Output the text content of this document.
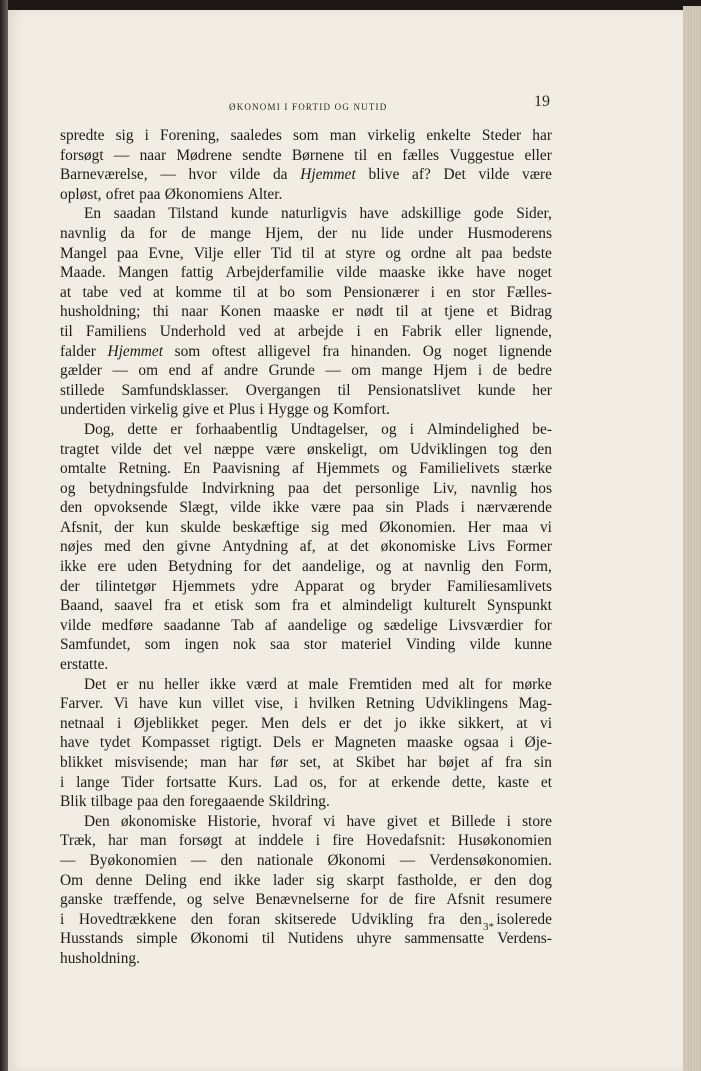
ØKONOMI I FORTID OG NUTID	19
spredte sig i Forening, saaledes som man virkelig enkelte Steder har
forsøgt — naar Mødrene sendte Børnene til en fælles Vuggestue eller
Barneværelse, — hvor vilde da Hjemmet blive af? Det vilde være
opløst, ofret paa Økonomiens Alter.
En saadan Tilstand kunde naturligvis have adskillige gode Sider,
navnlig da for de mange Hjem, der nu lide under Husmoderens
Mangel paa Evne, Vilje eller Tid til at styre og ordne alt paa bedste
Maade. Mangen fattig Arbejderfamilie vilde maaske ikke have noget
at tabe ved at komme til at bo som Pensionærer i en stor Fælles-
husholdning; thi naar Konen maaske er nødt til at tjene et Bidrag
til Familiens Underhold ved at arbejde i en Fabrik eller lignende,
falder Hjemmet som oftest alligevel fra hinanden. Og noget lignende
gælder — om end af andre Grunde — om mange Hjem i de bedre
stillede Samfundsklasser. Overgangen til Pensionatslivet kunde her
undertiden virkelig give et Plus i Hygge og Komfort.
Dog, dette er forhaabentlig Undtagelser, og i Almindelighed be-
tragtet vilde det vel næppe være ønskeligt, om Udviklingen tog den
omtalte Retning. En Paavisning af Hjemmets og Familielivets stærke
og betydningsfulde Indvirkning paa det personlige Liv, navnlig hos
den opvoksende Slægt, vilde ikke være paa sin Plads i nærværende
Afsnit, der kun skulde beskæftige sig med Økonomien. Her maa vi
nøjes med den givne Antydning af, at det økonomiske Livs Former
ikke ere uden Betydning for det aandelige, og at navnlig den Form,
der tilintetgør Hjemmets ydre Apparat og bryder Familiesamlivets
Baand, saavel fra et etisk som fra et almindeligt kulturelt Synspunkt
vilde medføre saadanne Tab af aandelige og sædelige Livsværdier for
Samfundet, som ingen nok saa stor materiel Vinding vilde kunne
erstatte.
Det er nu heller ikke værd at male Fremtiden med alt for mørke
Farver. Vi have kun villet vise, i hvilken Retning Udviklingens Mag-
netnaal i Øjeblikket peger. Men dels er det jo ikke sikkert, at vi
have tydet Kompasset rigtigt. Dels er Magneten maaske ogsaa i Øje-
blikket misvisende; man har før set, at Skibet har bøjet af fra sin
i lange Tider fortsatte Kurs. Lad os, for at erkende dette, kaste et
Blik tilbage paa den foregaaende Skildring.
Den økonomiske Historie, hvoraf vi have givet et Billede i store
Træk, har man forsøgt at inddele i fire Hovedafsnit: Husøkonomien
— Byøkonomien — den nationale Økonomi — Verdensøkonomien.
Om denne Deling end ikke lader sig skarpt fastholde, er den dog
ganske træffende, og selve Benævnelserne for de fire Afsnit resumere
i Hovedtrækkene den foran skitserede Udvikling fra den isolerede
Husstands simple Økonomi til Nutidens uhyre sammensatte Verdens-
husholdning.
3*
